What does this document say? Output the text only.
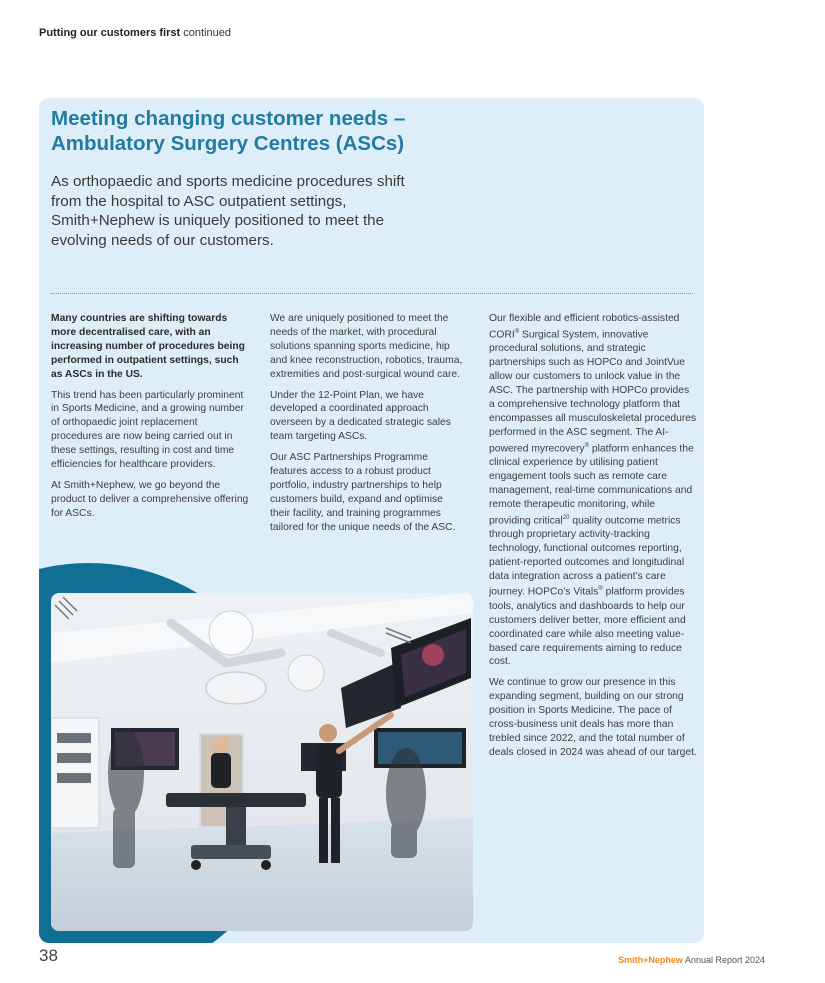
Putting our customers first continued
Meeting changing customer needs – Ambulatory Surgery Centres (ASCs)

As orthopaedic and sports medicine procedures shift from the hospital to ASC outpatient settings, Smith+Nephew is uniquely positioned to meet the evolving needs of our customers.

Many countries are shifting towards more decentralised care, with an increasing number of procedures being performed in outpatient settings, such as ASCs in the US.

This trend has been particularly prominent in Sports Medicine, and a growing number of orthopaedic joint replacement procedures are now being carried out in these settings, resulting in cost and time efficiencies for healthcare providers.

At Smith+Nephew, we go beyond the product to deliver a comprehensive offering for ASCs.

We are uniquely positioned to meet the needs of the market, with procedural solutions spanning sports medicine, hip and knee reconstruction, robotics, trauma, extremities and post-surgical wound care.

Under the 12-Point Plan, we have developed a coordinated approach overseen by a dedicated strategic sales team targeting ASCs.

Our ASC Partnerships Programme features access to a robust product portfolio, industry partnerships to help customers build, expand and optimise their facility, and training programmes tailored for the unique needs of the ASC.

Our flexible and efficient robotics-assisted CORI® Surgical System, innovative procedural solutions, and strategic partnerships such as HOPCo and JointVue allow our customers to unlock value in the ASC. The partnership with HOPCo provides a comprehensive technology platform that encompasses all musculoskeletal procedures performed in the ASC segment. The AI-powered myrecovery® platform enhances the clinical experience by utilising patient engagement tools such as remote care management, real-time communications and remote therapeutic monitoring, while providing critical$^{20}$ quality outcome metrics through proprietary activity-tracking technology, functional outcomes reporting, patient-reported outcomes and longitudinal data integration across a patient’s care journey. HOPCo’s Vitals® platform provides tools, analytics and dashboards to help our customers deliver better, more efficient and coordinated care while also meeting value-based care requirements aiming to reduce cost.

We continue to grow our presence in this expanding segment, building on our strong position in Sports Medicine. The pace of cross-business unit deals has more than trebled since 2022, and the total number of deals closed in 2024 was ahead of our target.

38	Smith+Nephew Annual Report 2024
